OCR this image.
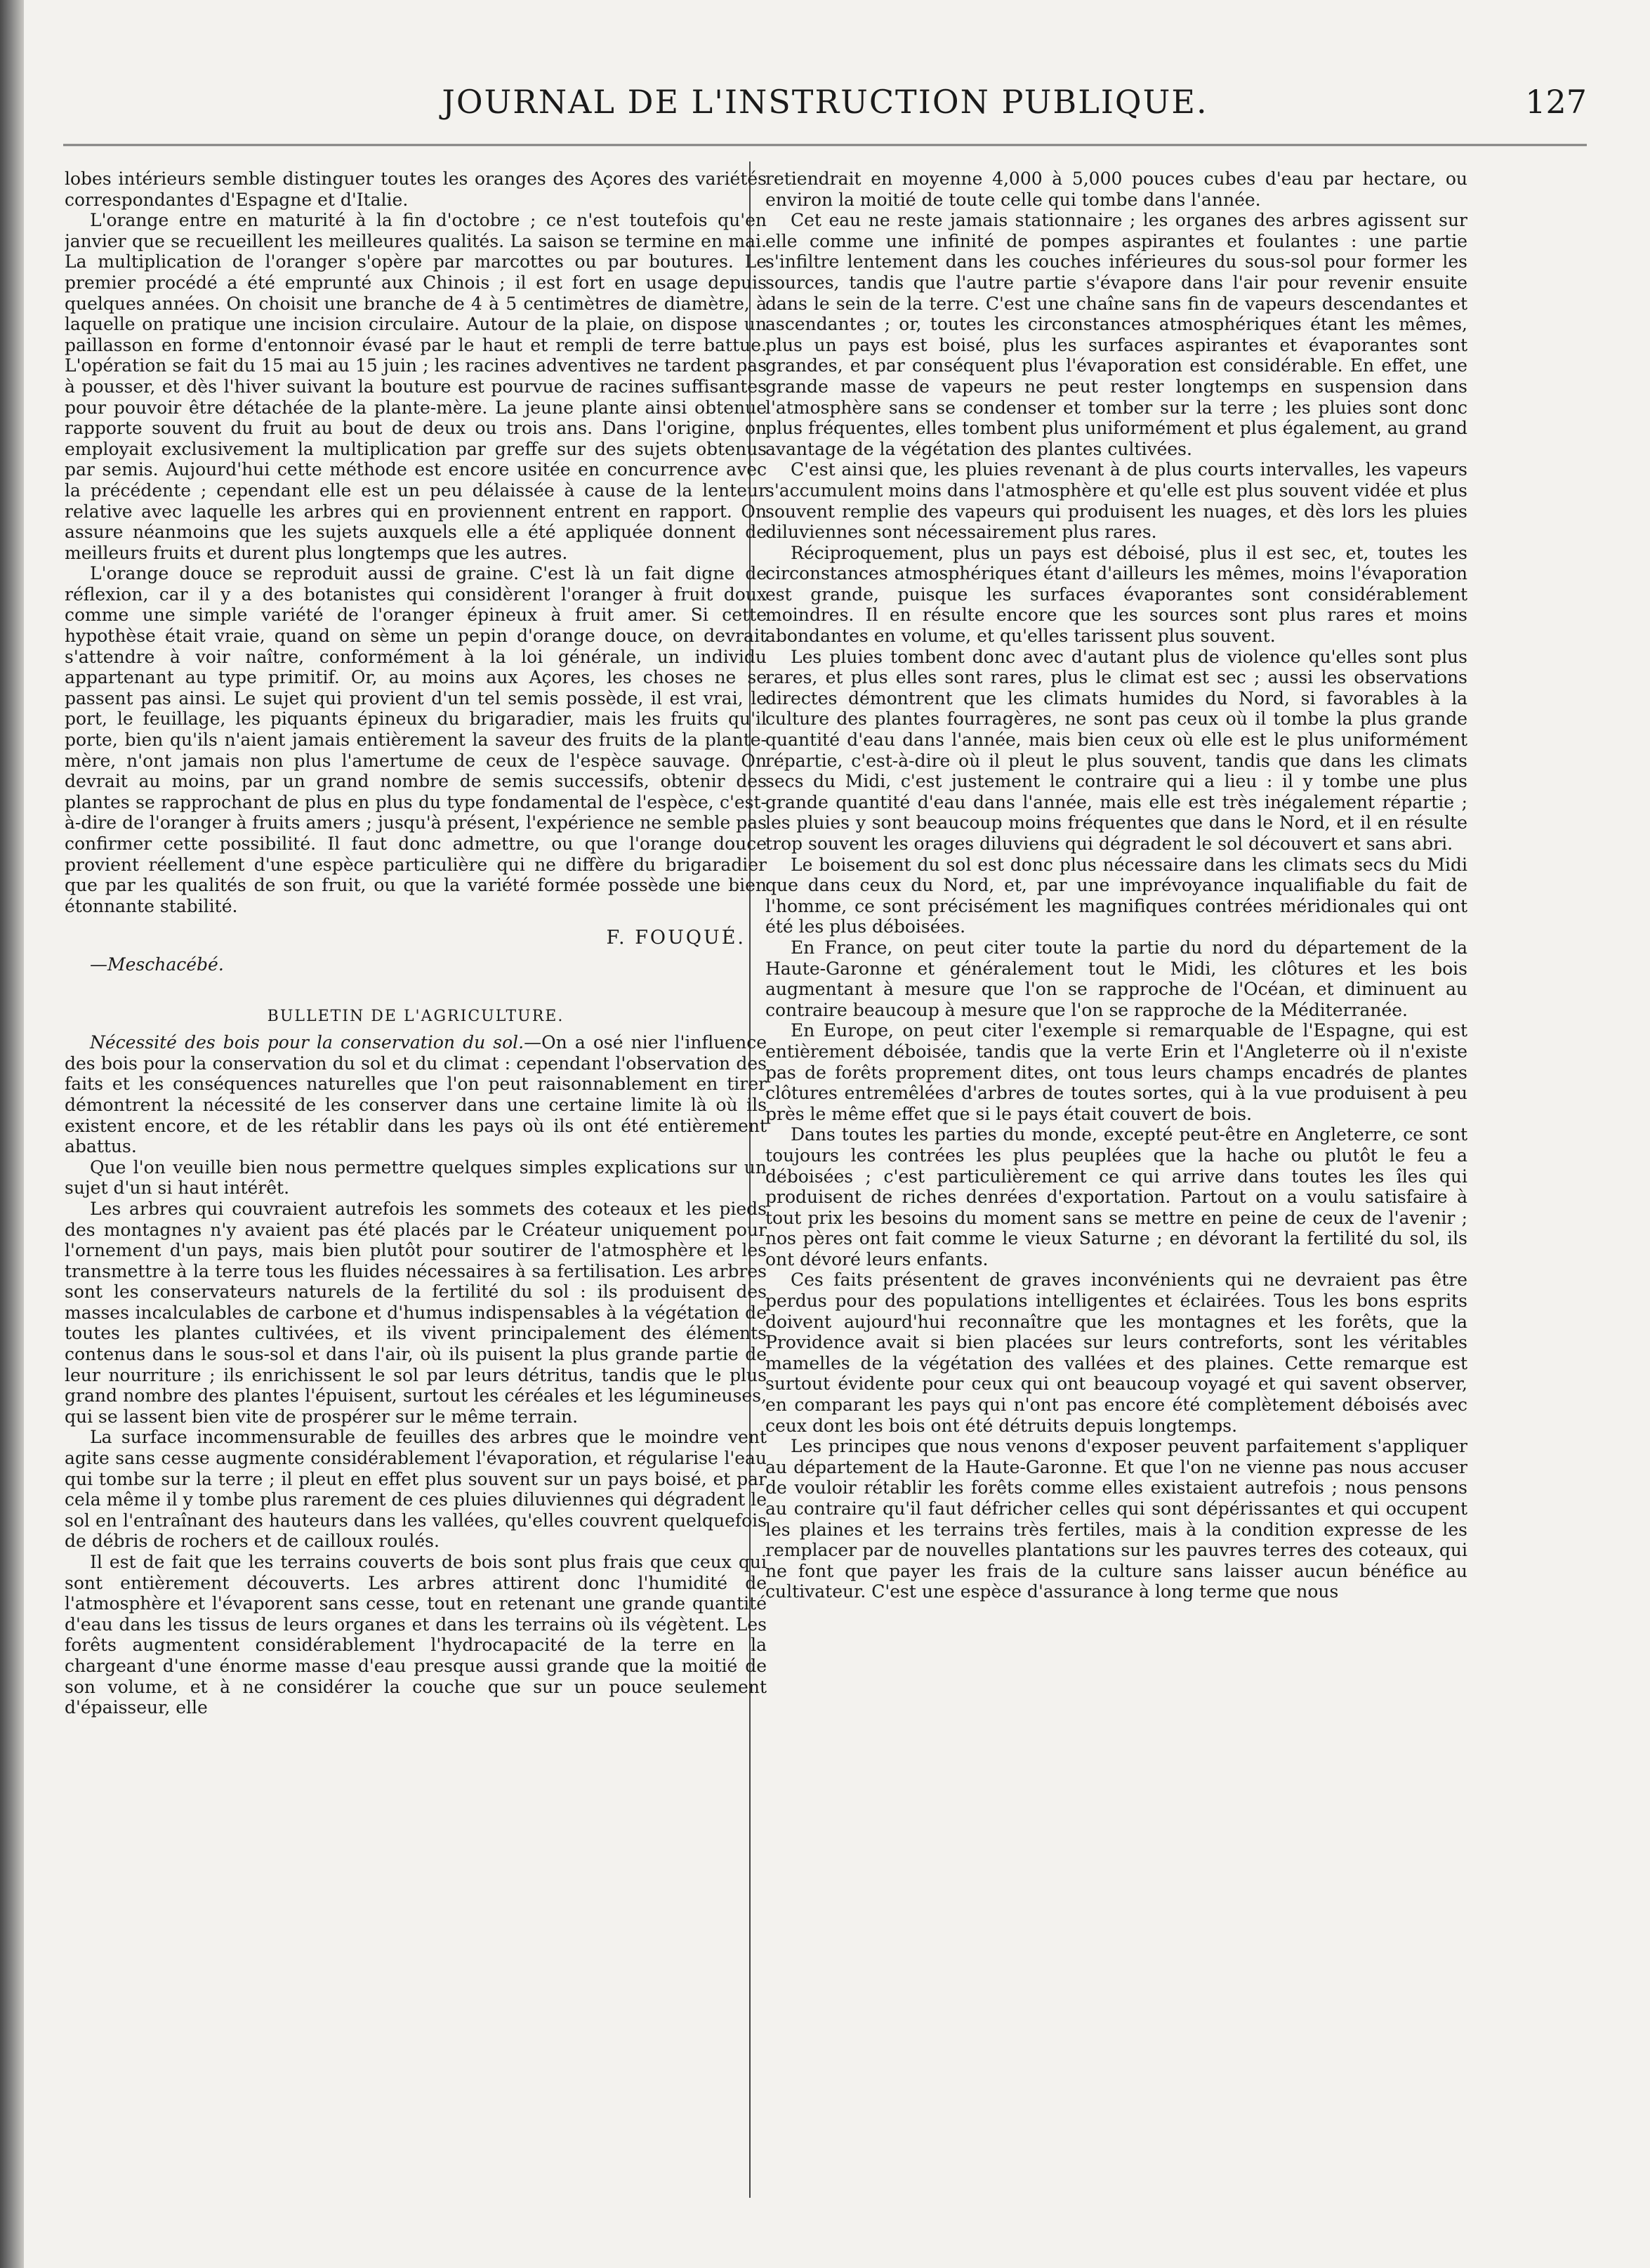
JOURNAL DE L'INSTRUCTION PUBLIQUE.	127

lobes intérieurs semble distinguer toutes les oranges des Açores des variétés correspondantes d'Espagne et d'Italie.

L'orange entre en maturité à la fin d'octobre ; ce n'est toutefois qu'en janvier que se recueillent les meilleures qualités. La saison se termine en mai. La multiplication de l'oranger s'opère par marcottes ou par boutures. Le premier procédé a été emprunté aux Chinois ; il est fort en usage depuis quelques années. On choisit une branche de 4 à 5 centimètres de diamètre, à laquelle on pratique une incision circulaire. Autour de la plaie, on dispose un paillasson en forme d'entonnoir évasé par le haut et rempli de terre battue. L'opération se fait du 15 mai au 15 juin ; les racines adventives ne tardent pas à pousser, et dès l'hiver suivant la bouture est pourvue de racines suffisantes pour pouvoir être détachée de la plante-mère. La jeune plante ainsi obtenue rapporte souvent du fruit au bout de deux ou trois ans. Dans l'origine, on employait exclusivement la multiplication par greffe sur des sujets obtenus par semis. Aujourd'hui cette méthode est encore usitée en concurrence avec la précédente ; cependant elle est un peu délaissée à cause de la lenteur relative avec laquelle les arbres qui en proviennent entrent en rapport. On assure néanmoins que les sujets auxquels elle a été appliquée donnent de meilleurs fruits et durent plus longtemps que les autres.

L'orange douce se reproduit aussi de graine. C'est là un fait digne de réflexion, car il y a des botanistes qui considèrent l'oranger à fruit doux comme une simple variété de l'oranger épineux à fruit amer. Si cette hypothèse était vraie, quand on sème un pepin d'orange douce, on devrait s'attendre à voir naître, conformément à la loi générale, un individu appartenant au type primitif. Or, au moins aux Açores, les choses ne se passent pas ainsi. Le sujet qui provient d'un tel semis possède, il est vrai, le port, le feuillage, les piquants épineux du brigaradier, mais les fruits qu'il porte, bien qu'ils n'aient jamais entièrement la saveur des fruits de la plante-mère, n'ont jamais non plus l'amertume de ceux de l'espèce sauvage. On devrait au moins, par un grand nombre de semis successifs, obtenir des plantes se rapprochant de plus en plus du type fondamental de l'espèce, c'est-à-dire de l'oranger à fruits amers ; jusqu'à présent, l'expérience ne semble pas confirmer cette possibilité. Il faut donc admettre, ou que l'orange douce provient réellement d'une espèce particulière qui ne diffère du brigaradier que par les qualités de son fruit, ou que la variété formée possède une bien étonnante stabilité.

F. FOUQUÉ.
—Meschacébé.
BULLETIN DE L'AGRICULTURE.

Nécessité des bois pour la conservation du sol.—On a osé nier l'influence des bois pour la conservation du sol et du climat : cependant l'observation des faits et les conséquences naturelles que l'on peut raisonnablement en tirer démontrent la nécessité de les conserver dans une certaine limite là où ils existent encore, et de les rétablir dans les pays où ils ont été entièrement abattus.

Que l'on veuille bien nous permettre quelques simples explications sur un sujet d'un si haut intérêt.

Les arbres qui couvraient autrefois les sommets des coteaux et les pieds des montagnes n'y avaient pas été placés par le Créateur uniquement pour l'ornement d'un pays, mais bien plutôt pour soutirer de l'atmosphère et les transmettre à la terre tous les fluides nécessaires à sa fertilisation. Les arbres sont les conservateurs naturels de la fertilité du sol : ils produisent des masses incalculables de carbone et d'humus indispensables à la végétation de toutes les plantes cultivées, et ils vivent principalement des éléments contenus dans le sous-sol et dans l'air, où ils puisent la plus grande partie de leur nourriture ; ils enrichissent le sol par leurs détritus, tandis que le plus grand nombre des plantes l'épuisent, surtout les céréales et les légumineuses, qui se lassent bien vite de prospérer sur le même terrain.

La surface incommensurable de feuilles des arbres que le moindre vent agite sans cesse augmente considérablement l'évaporation, et régularise l'eau qui tombe sur la terre ; il pleut en effet plus souvent sur un pays boisé, et par cela même il y tombe plus rarement de ces pluies diluviennes qui dégradent le sol en l'entraînant des hauteurs dans les vallées, qu'elles couvrent quelquefois de débris de rochers et de cailloux roulés.

Il est de fait que les terrains couverts de bois sont plus frais que ceux qui sont entièrement découverts. Les arbres attirent donc l'humidité de l'atmosphère et l'évaporent sans cesse, tout en retenant une grande quantité d'eau dans les tissus de leurs organes et dans les terrains où ils végètent. Les forêts augmentent considérablement l'hydrocapacité de la terre en la chargeant d'une énorme masse d'eau presque aussi grande que la moitié de son volume, et à ne considérer la couche que sur un pouce seulement d'épaisseur, elle

retiendrait en moyenne 4,000 à 5,000 pouces cubes d'eau par hectare, ou environ la moitié de toute celle qui tombe dans l'année.

Cet eau ne reste jamais stationnaire ; les organes des arbres agissent sur elle comme une infinité de pompes aspirantes et foulantes : une partie s'infiltre lentement dans les couches inférieures du sous-sol pour former les sources, tandis que l'autre partie s'évapore dans l'air pour revenir ensuite dans le sein de la terre. C'est une chaîne sans fin de vapeurs descendantes et ascendantes ; or, toutes les circonstances atmosphériques étant les mêmes, plus un pays est boisé, plus les surfaces aspirantes et évaporantes sont grandes, et par conséquent plus l'évaporation est considérable. En effet, une grande masse de vapeurs ne peut rester longtemps en suspension dans l'atmosphère sans se condenser et tomber sur la terre ; les pluies sont donc plus fréquentes, elles tombent plus uniformément et plus également, au grand avantage de la végétation des plantes cultivées.

C'est ainsi que, les pluies revenant à de plus courts intervalles, les vapeurs s'accumulent moins dans l'atmosphère et qu'elle est plus souvent vidée et plus souvent remplie des vapeurs qui produisent les nuages, et dès lors les pluies diluviennes sont nécessairement plus rares.

Réciproquement, plus un pays est déboisé, plus il est sec, et, toutes les circonstances atmosphériques étant d'ailleurs les mêmes, moins l'évaporation est grande, puisque les surfaces évaporantes sont considérablement moindres. Il en résulte encore que les sources sont plus rares et moins abondantes en volume, et qu'elles tarissent plus souvent.

Les pluies tombent donc avec d'autant plus de violence qu'elles sont plus rares, et plus elles sont rares, plus le climat est sec ; aussi les observations directes démontrent que les climats humides du Nord, si favorables à la culture des plantes fourragères, ne sont pas ceux où il tombe la plus grande quantité d'eau dans l'année, mais bien ceux où elle est le plus uniformément répartie, c'est-à-dire où il pleut le plus souvent, tandis que dans les climats secs du Midi, c'est justement le contraire qui a lieu : il y tombe une plus grande quantité d'eau dans l'année, mais elle est très inégalement répartie ; les pluies y sont beaucoup moins fréquentes que dans le Nord, et il en résulte trop souvent les orages diluviens qui dégradent le sol découvert et sans abri.

Le boisement du sol est donc plus nécessaire dans les climats secs du Midi que dans ceux du Nord, et, par une imprévoyance inqualifiable du fait de l'homme, ce sont précisément les magnifiques contrées méridionales qui ont été les plus déboisées.

En France, on peut citer toute la partie du nord du département de la Haute-Garonne et généralement tout le Midi, les clôtures et les bois augmentant à mesure que l'on se rapproche de l'Océan, et diminuent au contraire beaucoup à mesure que l'on se rapproche de la Méditerranée.

En Europe, on peut citer l'exemple si remarquable de l'Espagne, qui est entièrement déboisée, tandis que la verte Erin et l'Angleterre où il n'existe pas de forêts proprement dites, ont tous leurs champs encadrés de plantes clôtures entremêlées d'arbres de toutes sortes, qui à la vue produisent à peu près le même effet que si le pays était couvert de bois.

Dans toutes les parties du monde, excepté peut-être en Angleterre, ce sont toujours les contrées les plus peuplées que la hache ou plutôt le feu a déboisées ; c'est particulièrement ce qui arrive dans toutes les îles qui produisent de riches denrées d'exportation. Partout on a voulu satisfaire à tout prix les besoins du moment sans se mettre en peine de ceux de l'avenir ; nos pères ont fait comme le vieux Saturne ; en dévorant la fertilité du sol, ils ont dévoré leurs enfants.

Ces faits présentent de graves inconvénients qui ne devraient pas être perdus pour des populations intelligentes et éclairées. Tous les bons esprits doivent aujourd'hui reconnaître que les montagnes et les forêts, que la Providence avait si bien placées sur leurs contreforts, sont les véritables mamelles de la végétation des vallées et des plaines. Cette remarque est surtout évidente pour ceux qui ont beaucoup voyagé et qui savent observer, en comparant les pays qui n'ont pas encore été complètement déboisés avec ceux dont les bois ont été détruits depuis longtemps.

Les principes que nous venons d'exposer peuvent parfaitement s'appliquer au département de la Haute-Garonne. Et que l'on ne vienne pas nous accuser de vouloir rétablir les forêts comme elles existaient autrefois ; nous pensons au contraire qu'il faut défricher celles qui sont dépérissantes et qui occupent les plaines et les terrains très fertiles, mais à la condition expresse de les remplacer par de nouvelles plantations sur les pauvres terres des coteaux, qui ne font que payer les frais de la culture sans laisser aucun bénéfice au cultivateur. C'est une espèce d'assurance à long terme que nous
